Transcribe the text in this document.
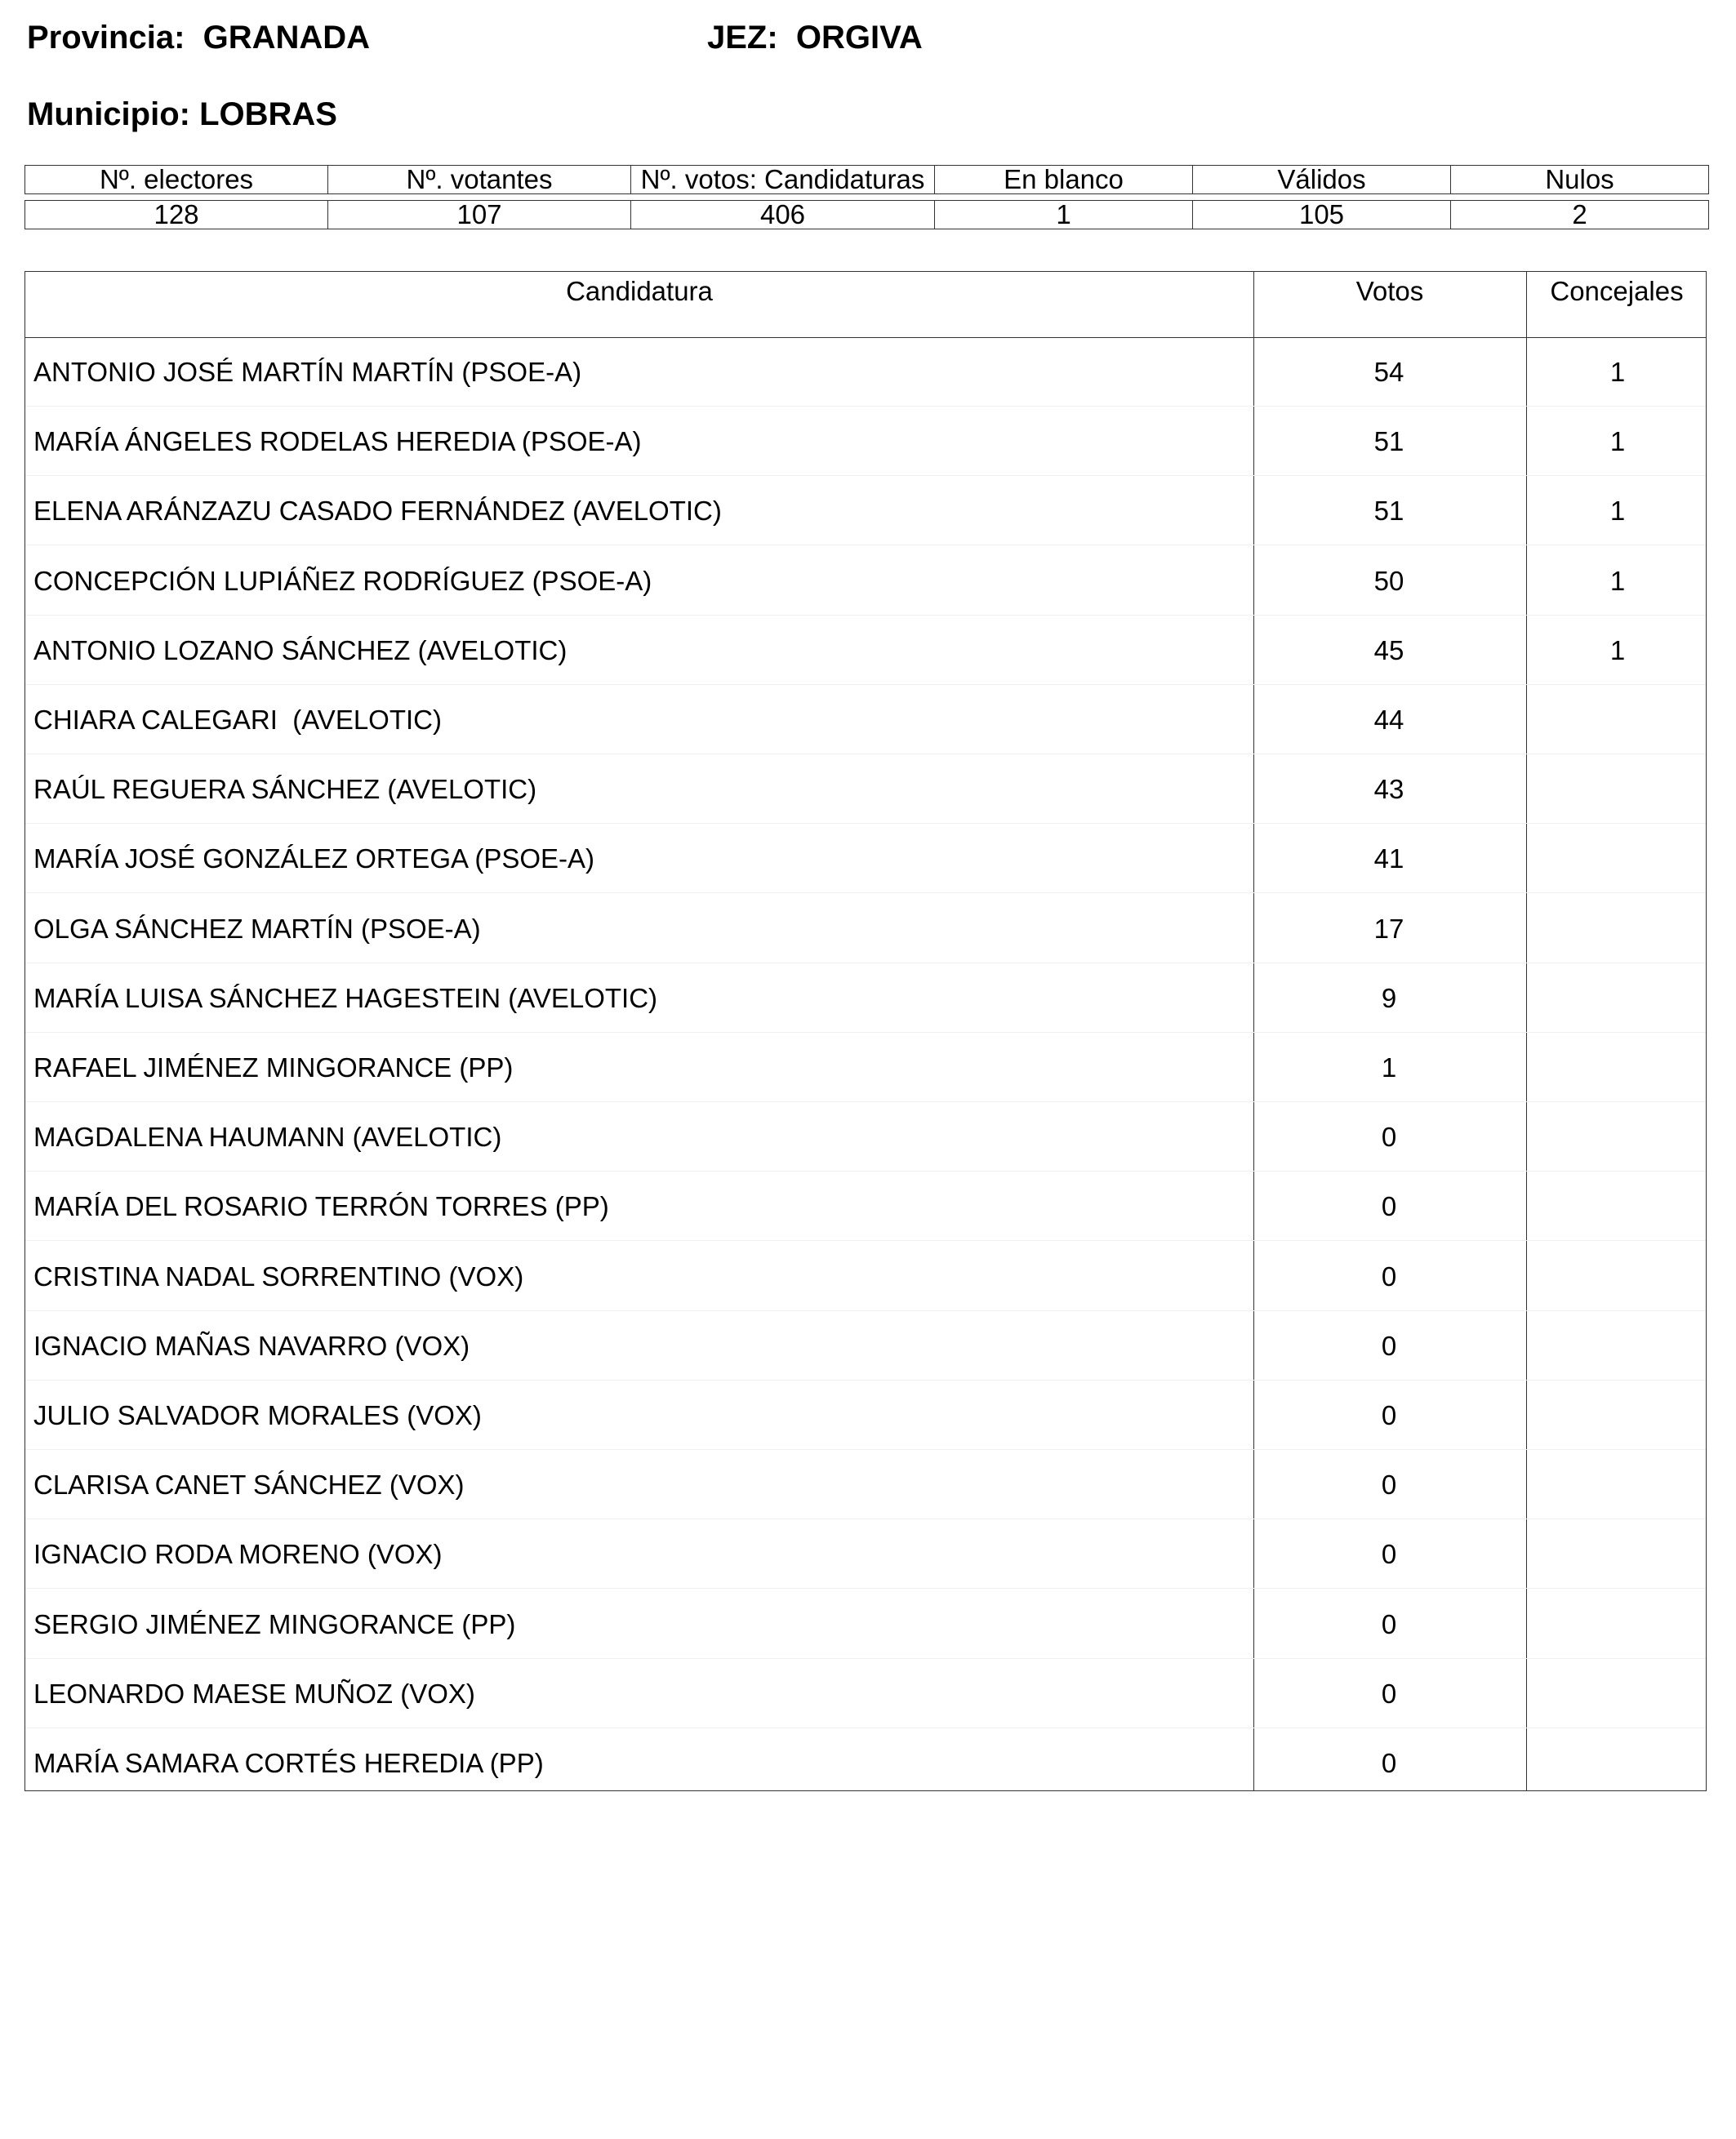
Provincia:  GRANADA	JEZ:  ORGIVA
Municipio: LOBRAS
Nº. electores	Nº. votantes	Nº. votos: Candidaturas	En blanco	Válidos	Nulos

128	107	406	1	105	2
Candidatura	Votos	Concejales
ANTONIO JOSÉ MARTÍN MARTÍN (PSOE-A)	54	1
MARÍA ÁNGELES RODELAS HEREDIA (PSOE-A)	51	1
ELENA ARÁNZAZU CASADO FERNÁNDEZ (AVELOTIC)	51	1
CONCEPCIÓN LUPIÁÑEZ RODRÍGUEZ (PSOE-A)	50	1
ANTONIO LOZANO SÁNCHEZ (AVELOTIC)	45	1
CHIARA CALEGARI  (AVELOTIC)	44
RAÚL REGUERA SÁNCHEZ (AVELOTIC)	43
MARÍA JOSÉ GONZÁLEZ ORTEGA (PSOE-A)	41
OLGA SÁNCHEZ MARTÍN (PSOE-A)	17
MARÍA LUISA SÁNCHEZ HAGESTEIN (AVELOTIC)	9
RAFAEL JIMÉNEZ MINGORANCE (PP)	1
MAGDALENA HAUMANN (AVELOTIC)	0
MARÍA DEL ROSARIO TERRÓN TORRES (PP)	0
CRISTINA NADAL SORRENTINO (VOX)	0
IGNACIO MAÑAS NAVARRO (VOX)	0
JULIO SALVADOR MORALES (VOX)	0
CLARISA CANET SÁNCHEZ (VOX)	0
IGNACIO RODA MORENO (VOX)	0
SERGIO JIMÉNEZ MINGORANCE (PP)	0
LEONARDO MAESE MUÑOZ (VOX)	0
MARÍA SAMARA CORTÉS HEREDIA (PP)	0
